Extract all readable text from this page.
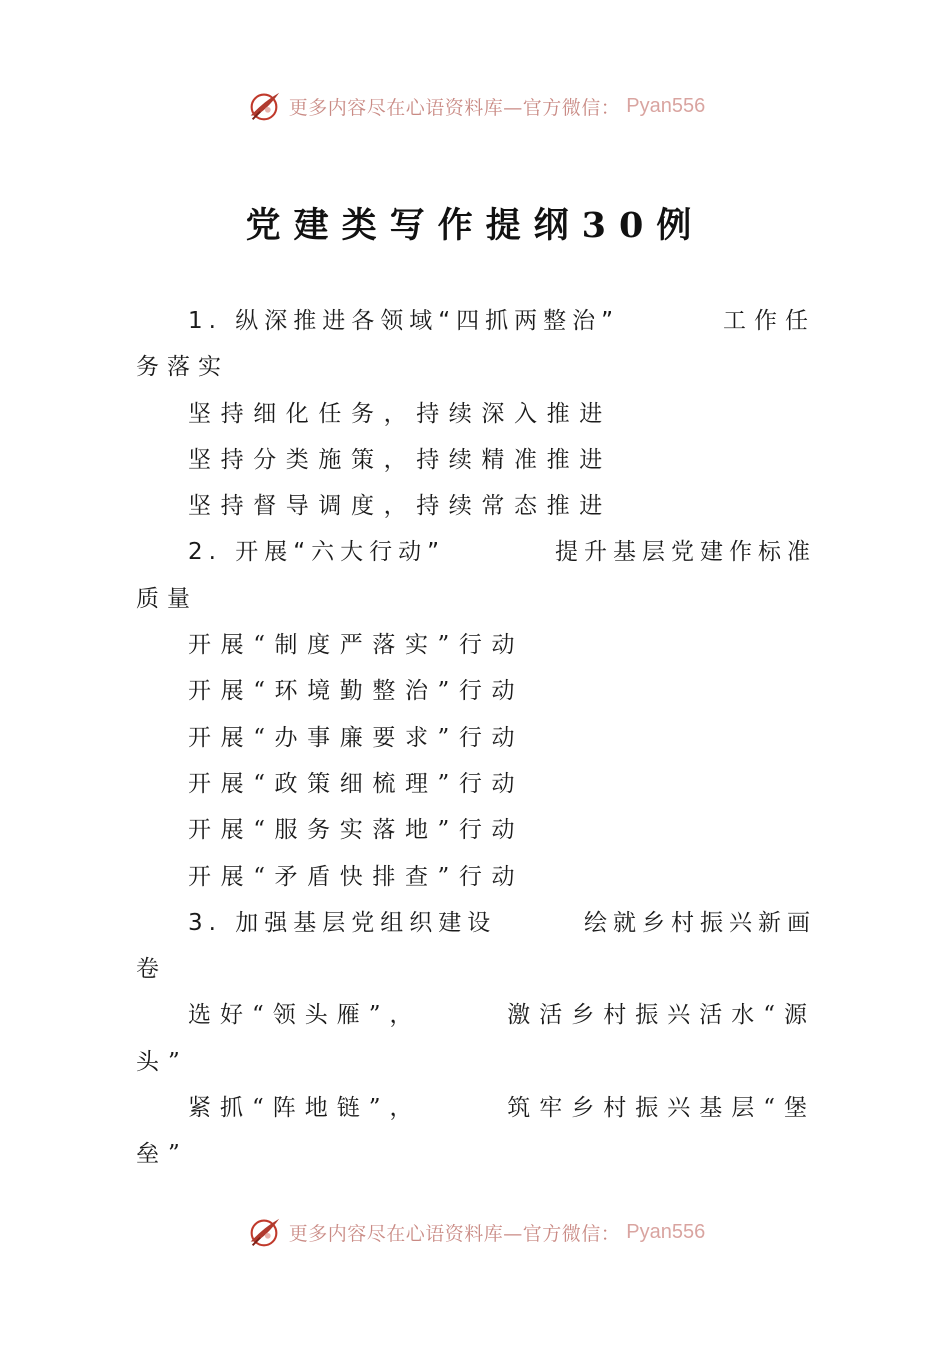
更多内容尽在心语资料库—官方微信： Pyan556
党建类写作提纲30例
1. 纵深推进各领域“四抓两整治”	工作任
务落实
坚持细化任务，持续深入推进
坚持分类施策，持续精准推进
坚持督导调度，持续常态推进
2. 开展“六大行动”	提升基层党建作标准
质量
开展“制度严落实”行动
开展“环境勤整治”行动
开展“办事廉要求”行动
开展“政策细梳理”行动
开展“服务实落地”行动
开展“矛盾快排查”行动
3. 加强基层党组织建设	绘就乡村振兴新画
卷
选好“领头雁”，	激活乡村振兴活水“源
头”
紧抓“阵地链”，	筑牢乡村振兴基层“堡
垒”
更多内容尽在心语资料库—官方微信： Pyan556
